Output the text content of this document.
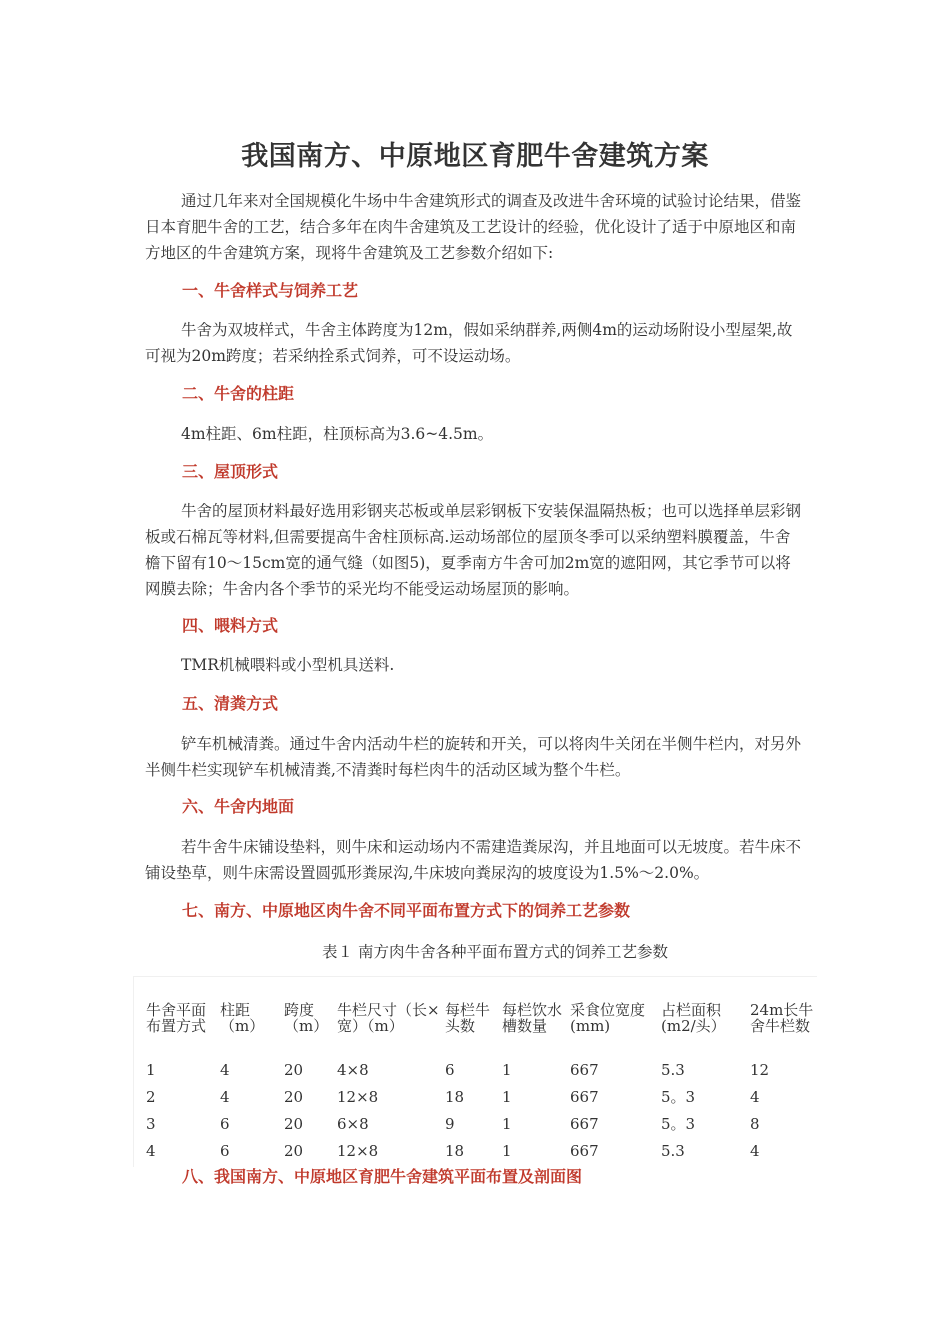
我国南方、中原地区育肥牛舍建筑方案

通过几年来对全国规模化牛场中牛舍建筑形式的调查及改进牛舍环境的试验讨论结果，借鉴日本育肥牛舍的工艺，结合多年在肉牛舍建筑及工艺设计的经验，优化设计了适于中原地区和南方地区的牛舍建筑方案，现将牛舍建筑及工艺参数介绍如下:

一、牛舍样式与饲养工艺

牛舍为双坡样式，牛舍主体跨度为12m，假如采纳群养,两侧4m的运动场附设小型屋架,故可视为20m跨度；若采纳拴系式饲养，可不设运动场。

二、牛舍的柱距

4m柱距、6m柱距，柱顶标高为3.6~4.5m。

三、屋顶形式

牛舍的屋顶材料最好选用彩钢夹芯板或单层彩钢板下安装保温隔热板；也可以选择单层彩钢板或石棉瓦等材料,但需要提高牛舍柱顶标高.运动场部位的屋顶冬季可以采纳塑料膜覆盖，牛舍檐下留有10～15cm宽的通气缝（如图5)，夏季南方牛舍可加2m宽的遮阳网，其它季节可以将网膜去除；牛舍内各个季节的采光均不能受运动场屋顶的影响。

四、喂料方式

TMR机械喂料或小型机具送料.

五、清粪方式

铲车机械清粪。通过牛舍内活动牛栏的旋转和开关，可以将肉牛关闭在半侧牛栏内，对另外半侧牛栏实现铲车机械清粪,不清粪时每栏肉牛的活动区域为整个牛栏。

六、牛舍内地面

若牛舍牛床铺设垫料，则牛床和运动场内不需建造粪尿沟，并且地面可以无坡度。若牛床不铺设垫草，则牛床需设置圆弧形粪尿沟,牛床坡向粪尿沟的坡度设为1.5%～2.0%。

七、南方、中原地区肉牛舍不同平面布置方式下的饲养工艺参数

表１ 南方肉牛舍各种平面布置方式的饲养工艺参数
牛舍平面布置方式	柱距（m）	跨度（m）	牛栏尺寸（长×宽）（m）	每栏牛头数	每栏饮水槽数量	采食位宽度(mm)	占栏面积(m2/头）	24m长牛舍牛栏数
1	4	20	4×8	6	1	667	5.3	12
2	4	20	12×8	18	1	667	5。3	4
3	6	20	6×8	9	1	667	5。3	8
4	6	20	12×8	18	1	667	5.3	4

八、我国南方、中原地区育肥牛舍建筑平面布置及剖面图
